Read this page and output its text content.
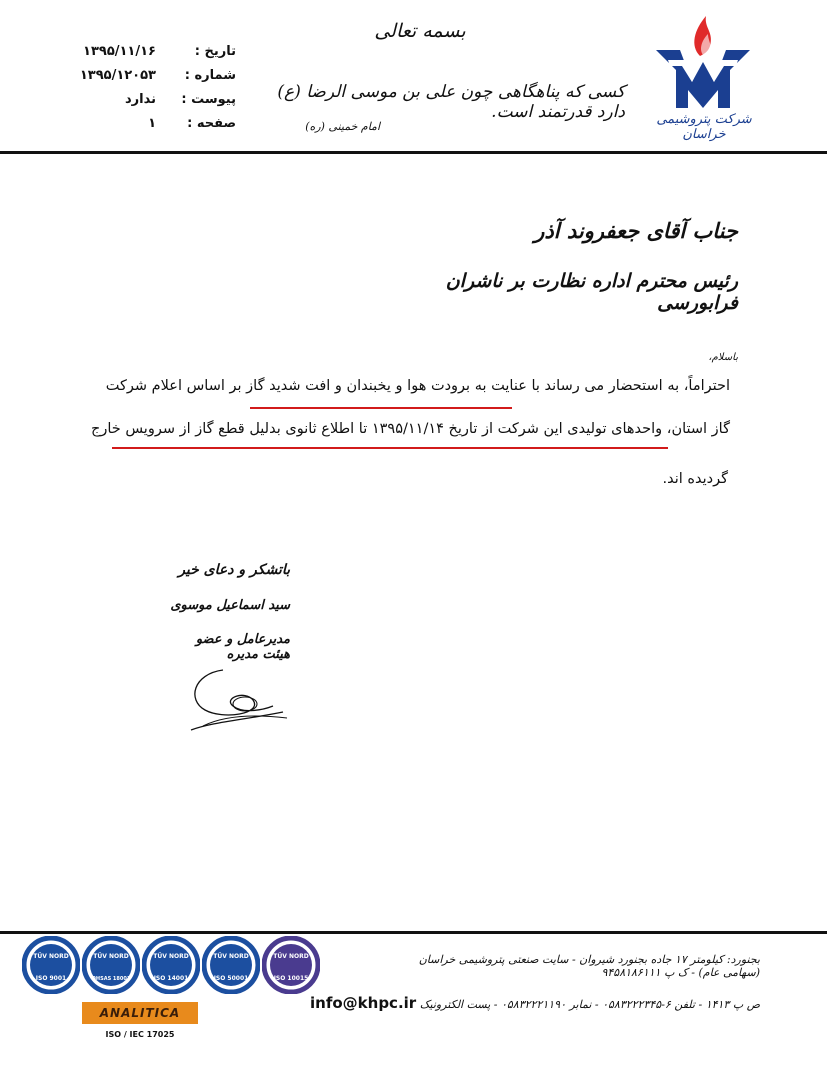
شرکت پتروشیمی خراسان
بسمه تعالی
کسی که پناهگاهی چون علی بن موسی الرضا (ع) دارد قدرتمند است.
امام خمینی (ره)
تاریخ :
۱۳۹۵/۱۱/۱۶
شماره :
۱۳۹۵/۱۲۰۵۳
پیوست :
ندارد
صفحه :
۱
جناب آقای جعفروند آذر
رئیس محترم اداره نظارت بر ناشران فرابورسی
باسلام،
احتراماً، به استحضار می رساند با عنایت به برودت هوا و یخبندان و افت شدید گاز بر اساس اعلام شرکت
گاز استان، واحدهای تولیدی این شرکت از تاریخ ۱۳۹۵/۱۱/۱۴ تا اطلاع ثانوی بدلیل قطع گاز از سرویس خارج
گردیده اند.
باتشکر و دعای خیر
سید اسماعیل موسوی
مدیرعامل و عضو هیئت مدیره
بجنورد: کیلومتر ۱۷ جاده بجنورد شیروان - سایت صنعتی پتروشیمی خراسان (سهامی عام) - ک پ ۹۴۵۸۱۸۶۱۱۱
ص پ ۱۴۱۳ - تلفن ۶-۰۵۸۳۲۲۲۳۴۵ - نمابر ۰۵۸۳۲۲۲۱۱۹۰ - پست الکترونیک info@khpc.ir
TÜV NORD
ISO 9001
TÜV NORD
OHSAS 18001
TÜV NORD
ISO 14001
TÜV NORD
ISO 50001
TÜV NORD
ISO 10015
ANALITICA
ISO / IEC 17025
